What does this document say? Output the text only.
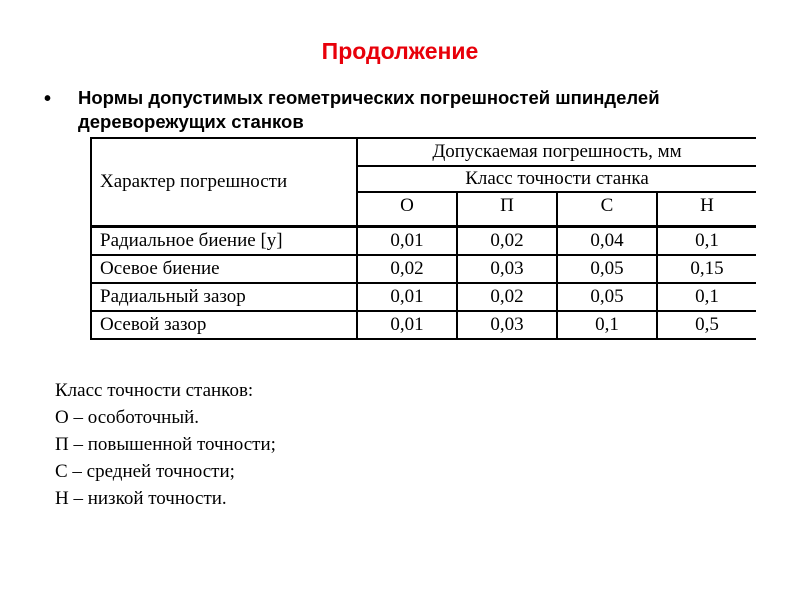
Продолжение
• Нормы допустимых геометрических погрешностей шпинделей дереворежущих станков
Характер погрешности	Допускаемая погрешность, мм			
	Класс точности станка			
	О	П	С	Н
Радиальное биение [y]	0,01	0,02	0,04	0,1
Осевое биение	0,02	0,03	0,05	0,15
Радиальный зазор	0,01	0,02	0,05	0,1
Осевой зазор	0,01	0,03	0,1	0,5
Класс точности станков:
О – особоточный.
П – повышенной точности;
С – средней точности;
Н – низкой точности.
